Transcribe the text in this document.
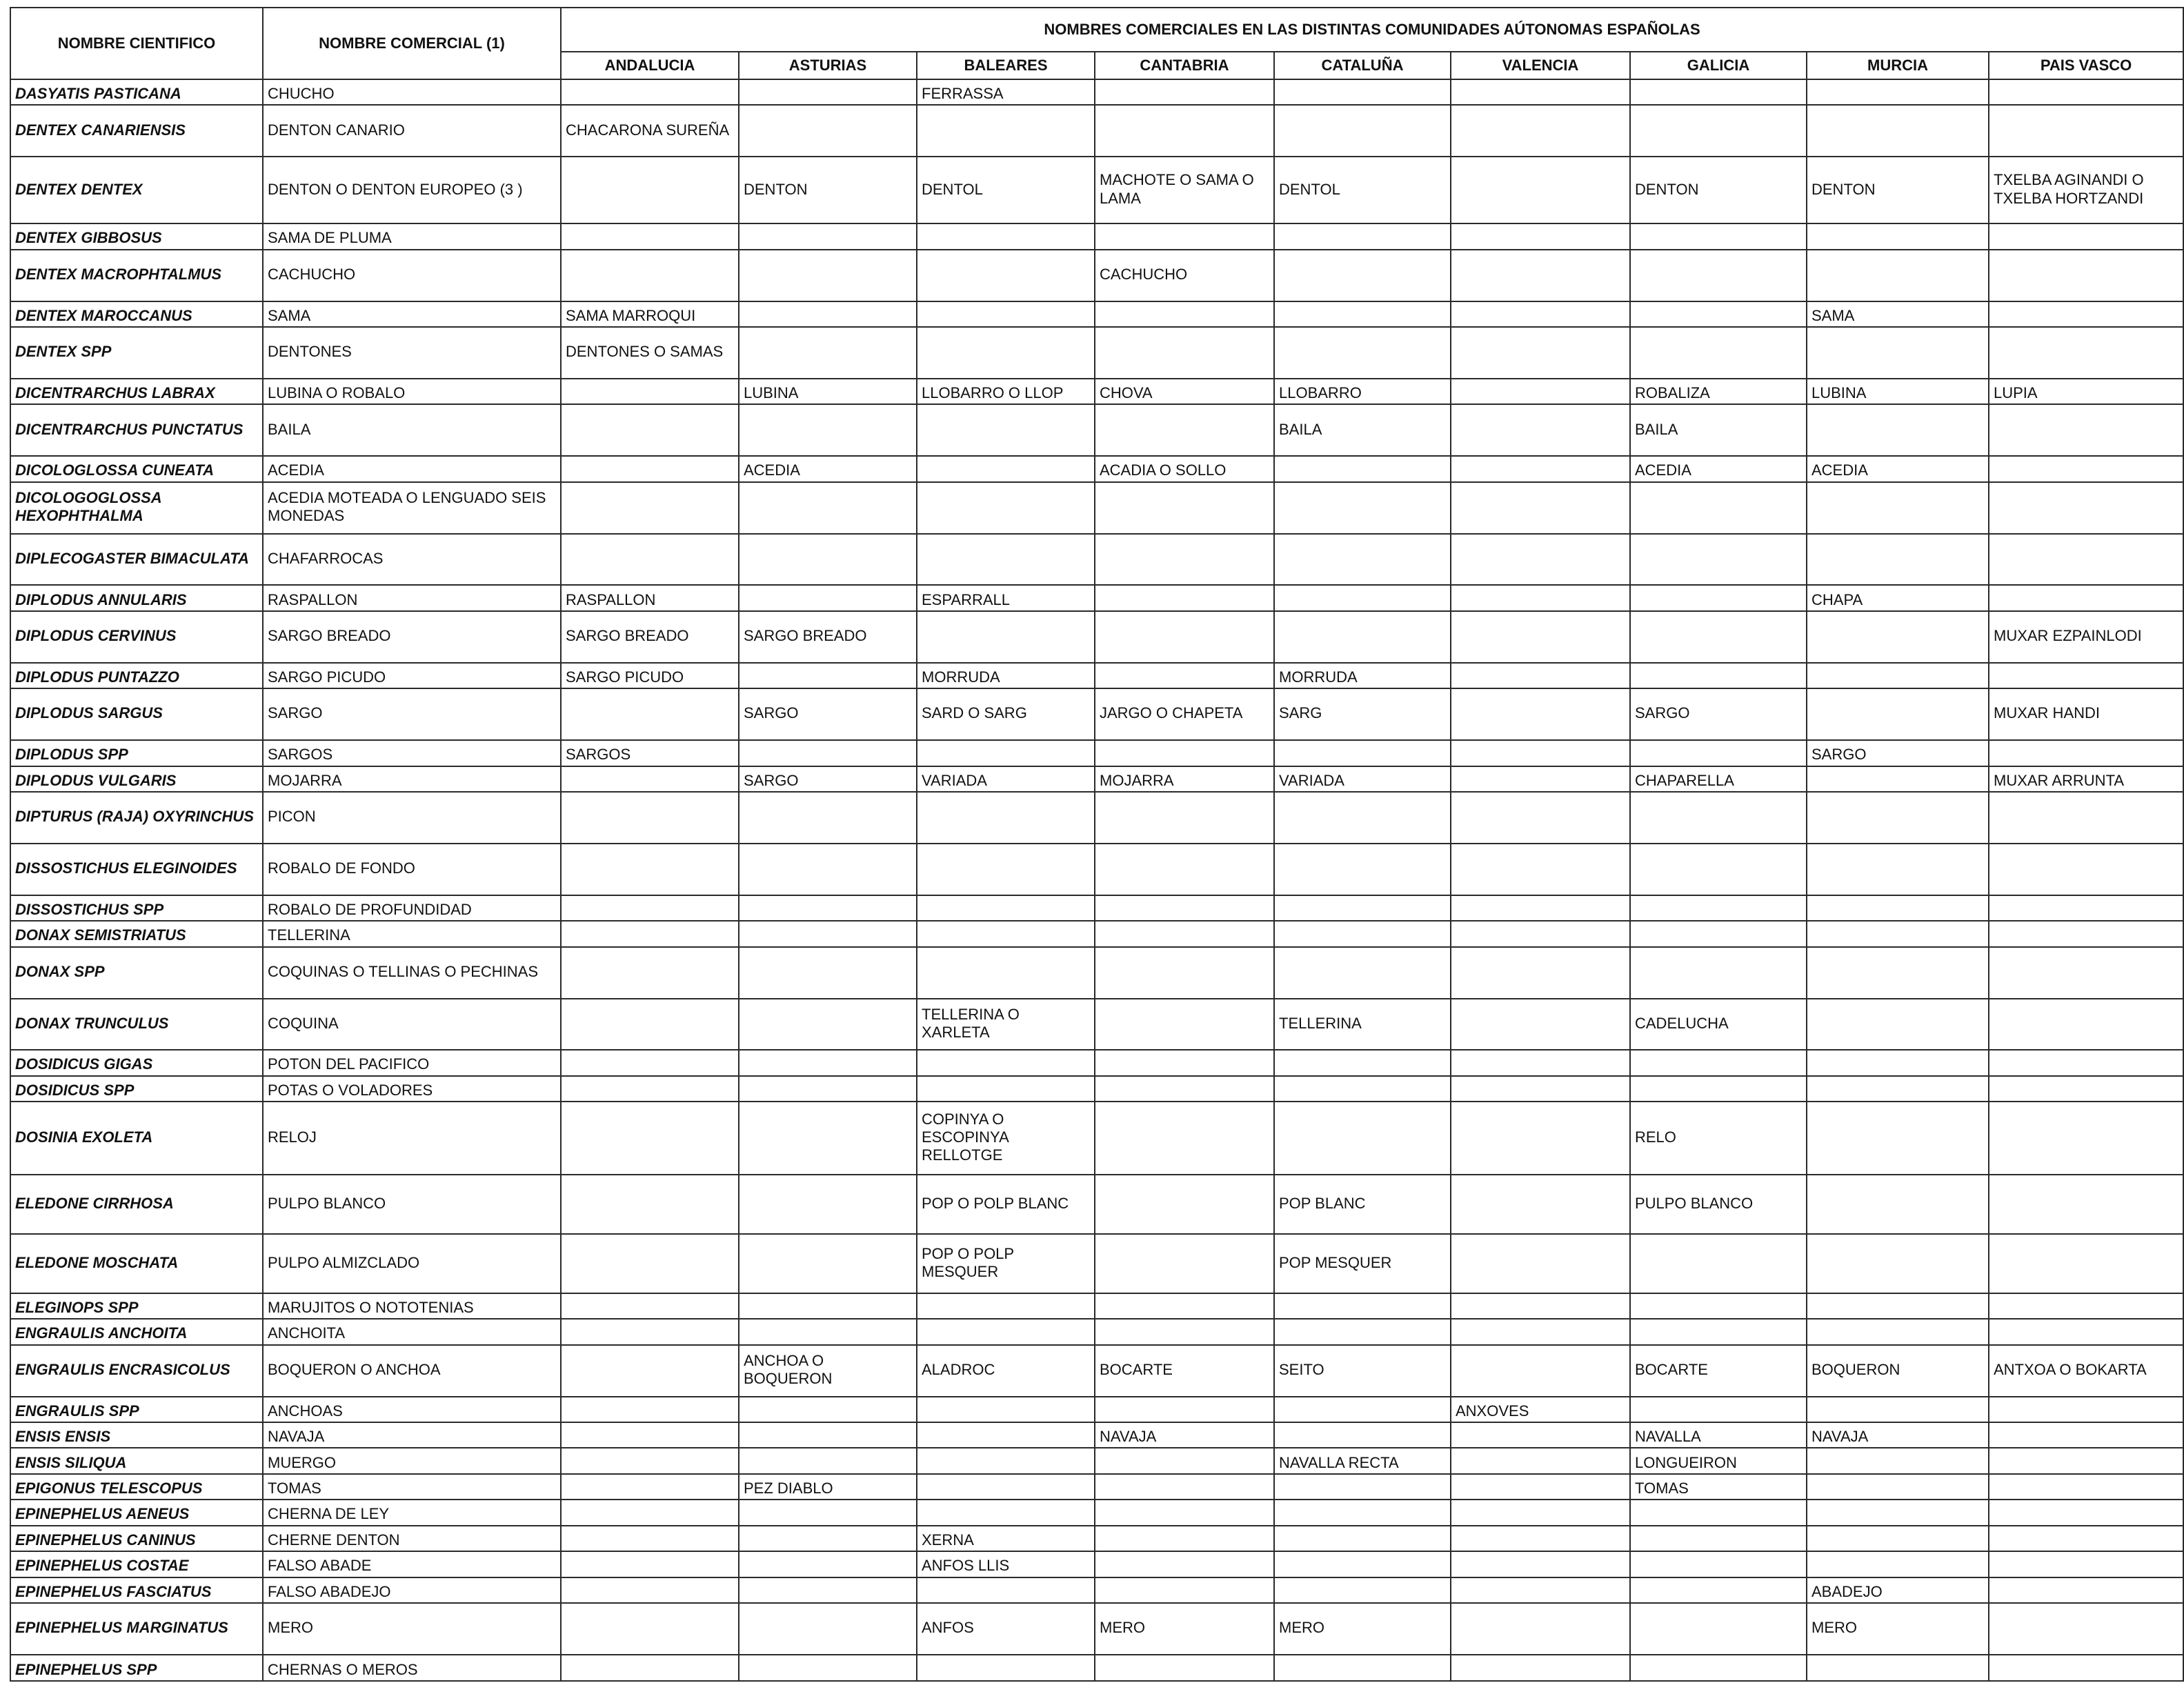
NOMBRE CIENTIFICO	NOMBRE COMERCIAL (1)	NOMBRES COMERCIALES EN LAS DISTINTAS COMUNIDADES AÚTONOMAS ESPAÑOLAS								
		ANDALUCIA	ASTURIAS	BALEARES	CANTABRIA	CATALUÑA	VALENCIA	GALICIA	MURCIA	PAIS VASCO
DASYATIS PASTICANA	CHUCHO			FERRASSA						
DENTEX CANARIENSIS	DENTON CANARIO	CHACARONA SUREÑA								
DENTEX DENTEX	DENTON O DENTON EUROPEO (3 )		DENTON	DENTOL	MACHOTE O SAMA O LAMA	DENTOL		DENTON	DENTON	TXELBA AGINANDI O TXELBA HORTZANDI
DENTEX GIBBOSUS	SAMA DE PLUMA									
DENTEX MACROPHTALMUS	CACHUCHO				CACHUCHO					
DENTEX MAROCCANUS	SAMA	SAMA MARROQUI							SAMA	
DENTEX SPP	DENTONES	DENTONES O SAMAS								
DICENTRARCHUS LABRAX	LUBINA O ROBALO		LUBINA	LLOBARRO O LLOP	CHOVA	LLOBARRO		ROBALIZA	LUBINA	LUPIA
DICENTRARCHUS PUNCTATUS	BAILA					BAILA		BAILA		
DICOLOGLOSSA CUNEATA	ACEDIA		ACEDIA		ACADIA O SOLLO			ACEDIA	ACEDIA	
DICOLOGOGLOSSA HEXOPHTHALMA	ACEDIA MOTEADA O LENGUADO SEIS MONEDAS									
DIPLECOGASTER BIMACULATA	CHAFARROCAS									
DIPLODUS ANNULARIS	RASPALLON	RASPALLON		ESPARRALL					CHAPA	
DIPLODUS CERVINUS	SARGO BREADO	SARGO BREADO	SARGO BREADO							MUXAR EZPAINLODI
DIPLODUS PUNTAZZO	SARGO PICUDO	SARGO PICUDO		MORRUDA		MORRUDA				
DIPLODUS SARGUS	SARGO		SARGO	SARD O SARG	JARGO O CHAPETA	SARG		SARGO		MUXAR HANDI
DIPLODUS SPP	SARGOS	SARGOS							SARGO	
DIPLODUS VULGARIS	MOJARRA		SARGO	VARIADA	MOJARRA	VARIADA		CHAPARELLA		MUXAR ARRUNTA
DIPTURUS (RAJA) OXYRINCHUS	PICON									
DISSOSTICHUS ELEGINOIDES	ROBALO DE FONDO									
DISSOSTICHUS SPP	ROBALO DE PROFUNDIDAD									
DONAX SEMISTRIATUS	TELLERINA									
DONAX SPP	COQUINAS O TELLINAS O PECHINAS									
DONAX TRUNCULUS	COQUINA			TELLERINA O XARLETA		TELLERINA		CADELUCHA		
DOSIDICUS GIGAS	POTON DEL PACIFICO									
DOSIDICUS SPP	POTAS O VOLADORES									
DOSINIA EXOLETA	RELOJ			COPINYA O ESCOPINYA RELLOTGE				RELO		
ELEDONE CIRRHOSA	PULPO BLANCO			POP O POLP BLANC		POP BLANC		PULPO BLANCO		
ELEDONE MOSCHATA	PULPO ALMIZCLADO			POP O POLP MESQUER		POP MESQUER				
ELEGINOPS SPP	MARUJITOS O NOTOTENIAS									
ENGRAULIS ANCHOITA	ANCHOITA									
ENGRAULIS ENCRASICOLUS	BOQUERON O ANCHOA		ANCHOA O BOQUERON	ALADROC	BOCARTE	SEITO		BOCARTE	BOQUERON	ANTXOA O BOKARTA
ENGRAULIS SPP	ANCHOAS						ANXOVES			
ENSIS ENSIS	NAVAJA				NAVAJA			NAVALLA	NAVAJA	
ENSIS SILIQUA	MUERGO					NAVALLA RECTA		LONGUEIRON		
EPIGONUS TELESCOPUS	TOMAS		PEZ DIABLO					TOMAS		
EPINEPHELUS AENEUS	CHERNA DE LEY									
EPINEPHELUS CANINUS	CHERNE DENTON			XERNA						
EPINEPHELUS COSTAE	FALSO ABADE			ANFOS LLIS						
EPINEPHELUS FASCIATUS	FALSO ABADEJO								ABADEJO	
EPINEPHELUS MARGINATUS	MERO			ANFOS	MERO	MERO			MERO	
EPINEPHELUS SPP	CHERNAS O MEROS									
